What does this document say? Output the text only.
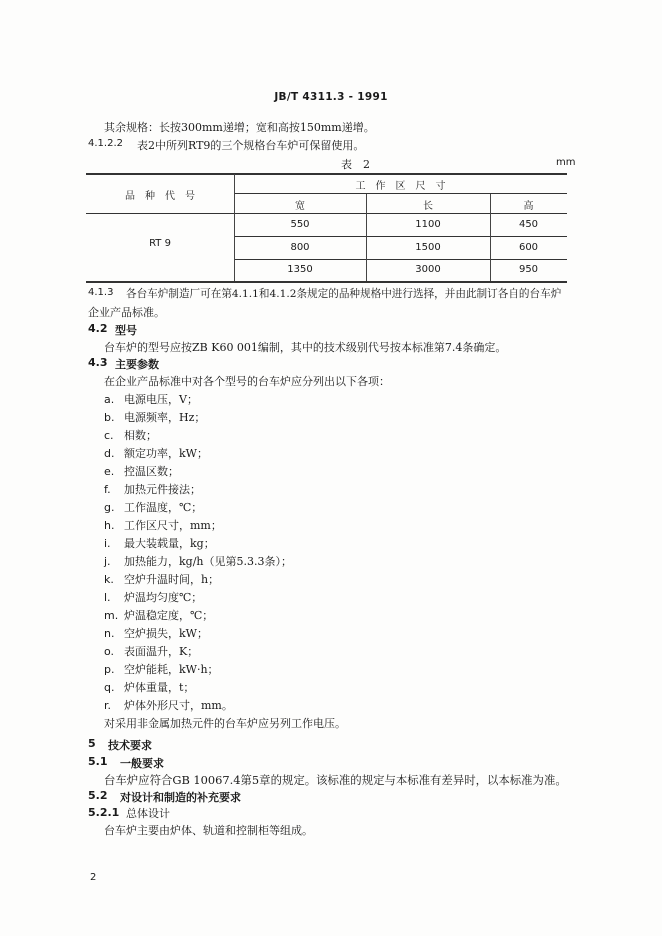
JB/T 4311.3 - 1991
其余规格：长按300mm递增；宽和高按150mm递增。
4.1.2.2 表2中所列RT9的三个规格台车炉可保留使用。
表　2	mm
品　种　代　号
工　作　区　尺　寸
宽	长	高
RT 9
550	1100	450
800	1500	600
1350	3000	950
4.1.3 各台车炉制造厂可在第4.1.1和4.1.2条规定的品种规格中进行选择，并由此制订各自的台车炉
企业产品标准。
4.2 型号
台车炉的型号应按ZB K60 001编制，其中的技术级别代号按本标准第7.4条确定。
4.3 主要参数
在企业产品标准中对各个型号的台车炉应分列出以下各项：
a. 电源电压，V；
b. 电源频率，Hz；
c. 相数；
d. 额定功率，kW；
e. 控温区数；
f. 加热元件接法；
g. 工作温度，℃；
h. 工作区尺寸，mm；
i. 最大装载量，kg；
j. 加热能力，kg/h（见第5.3.3条）；
k. 空炉升温时间，h；
l. 炉温均匀度℃；
m. 炉温稳定度，℃；
n. 空炉损失，kW；
o. 表面温升，K；
p. 空炉能耗，kW·h；
q. 炉体重量，t；
r. 炉体外形尺寸，mm。
对采用非金属加热元件的台车炉应另列工作电压。
5 技术要求
5.1 一般要求
台车炉应符合GB 10067.4第5章的规定。该标准的规定与本标准有差异时，以本标准为准。
5.2 对设计和制造的补充要求
5.2.1 总体设计
台车炉主要由炉体、轨道和控制柜等组成。
2
